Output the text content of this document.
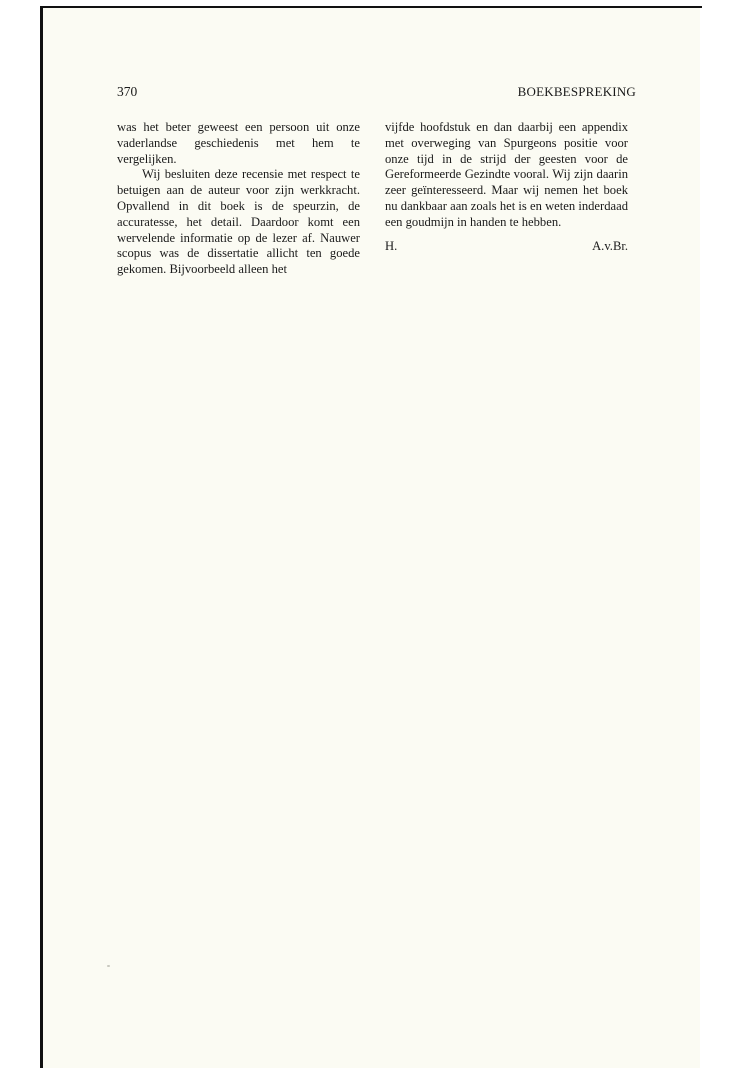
370	BOEKBESPREKING

was het beter geweest een persoon uit onze vaderlandse geschiedenis met hem te vergelijken.

Wij besluiten deze recensie met respect te betuigen aan de auteur voor zijn werkkracht. Opvallend in dit boek is de speurzin, de accuratesse, het detail. Daardoor komt een wervelende informatie op de lezer af. Nauwer scopus was de dissertatie allicht ten goede gekomen. Bijvoorbeeld alleen het

vijfde hoofdstuk en dan daarbij een appendix met overweging van Spurgeons positie voor onze tijd in de strijd der geesten voor de Gereformeerde Gezindte vooral. Wij zijn daarin zeer geïnteresseerd. Maar wij nemen het boek nu dankbaar aan zoals het is en weten inderdaad een goudmijn in handen te hebben.

H.	A.v.Br.
